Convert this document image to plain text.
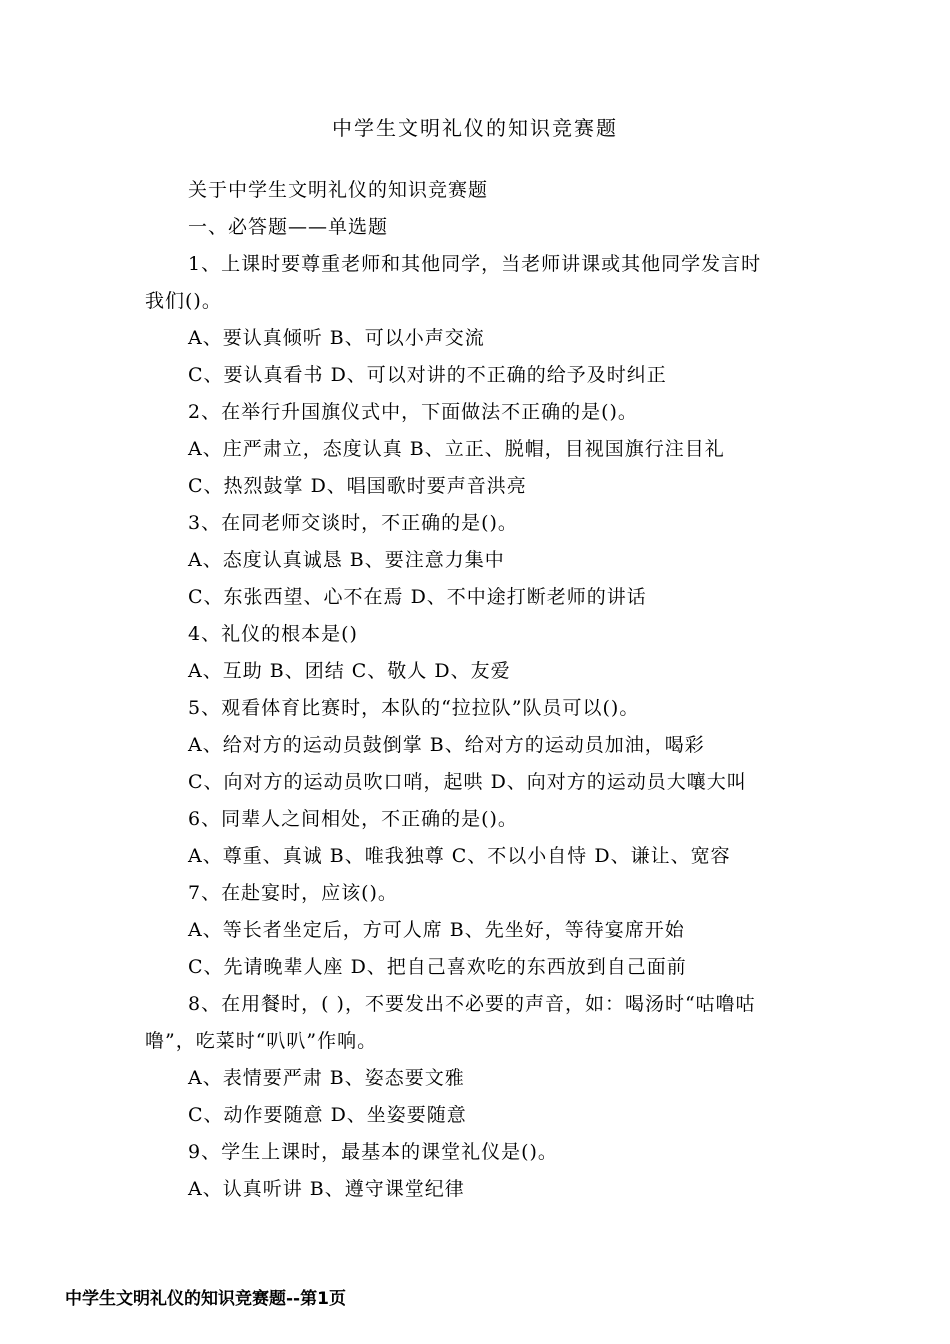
中学生文明礼仪的知识竞赛题
关于中学生文明礼仪的知识竞赛题
一、必答题——单选题
1、上课时要尊重老师和其他同学，当老师讲课或其他同学发言时
我们()。
A、要认真倾听 B、可以小声交流
C、要认真看书 D、可以对讲的不正确的给予及时纠正
2、在举行升国旗仪式中，下面做法不正确的是()。
A、庄严肃立，态度认真 B、立正、脱帽，目视国旗行注目礼
C、热烈鼓掌 D、唱国歌时要声音洪亮
3、在同老师交谈时，不正确的是()。
A、态度认真诚恳 B、要注意力集中
C、东张西望、心不在焉 D、不中途打断老师的讲话
4、礼仪的根本是()
A、互助 B、团结 C、敬人 D、友爱
5、观看体育比赛时，本队的“拉拉队”队员可以()。
A、给对方的运动员鼓倒掌 B、给对方的运动员加油，喝彩
C、向对方的运动员吹口哨，起哄 D、向对方的运动员大嚷大叫
6、同辈人之间相处，不正确的是()。
A、尊重、真诚 B、唯我独尊 C、不以小自恃 D、谦让、宽容
7、在赴宴时，应该()。
A、等长者坐定后，方可人席 B、先坐好，等待宴席开始
C、先请晚辈人座 D、把自己喜欢吃的东西放到自己面前
8、在用餐时，( )，不要发出不必要的声音，如：喝汤时“咕噜咕
噜”，吃菜时“叭叭”作响。
A、表情要严肃 B、姿态要文雅
C、动作要随意 D、坐姿要随意
9、学生上课时，最基本的课堂礼仪是()。
A、认真听讲 B、遵守课堂纪律
中学生文明礼仪的知识竞赛题--第1页
